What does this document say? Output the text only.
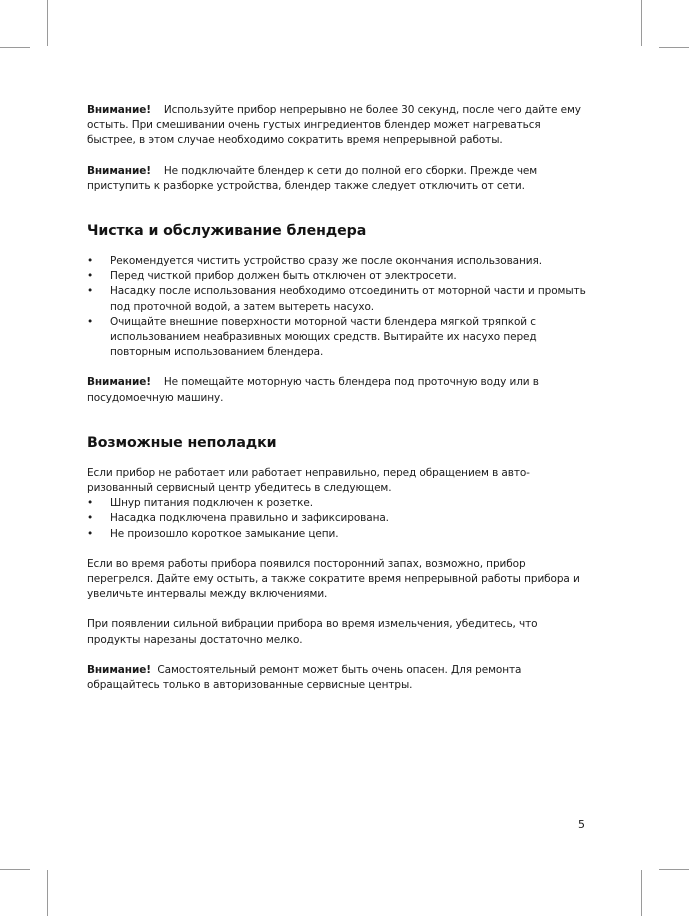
Внимание! Используйте прибор непрерывно не более 30 секунд, после чего дайте ему остыть. При смешивании очень густых ингредиентов блендер может нагреваться быстрее, в этом случае необходимо сократить время непрерывной работы.

Внимание! Не подключайте блендер к сети до полной его сборки. Прежде чем приступить к разборке устройства, блендер также следует отключить от сети.

Чистка и обслуживание блендера
• Рекомендуется чистить устройство сразу же после окончания использования.
• Перед чисткой прибор должен быть отключен от электросети.
• Насадку после использования необходимо отсоединить от моторной части и промыть под проточной водой, а затем вытереть насухо.
• Очищайте внешние поверхности моторной части блендера мягкой тряпкой с использованием неабразивных моющих средств. Вытирайте их насухо перед повторным использованием блендера.

Внимание! Не помещайте моторную часть блендера под проточную воду или в посудомоечную машину.

Возможные неполадки

Если прибор не работает или работает неправильно, перед обращением в авто-ризованный сервисный центр убедитесь в следующем.

• Шнур питания подключен к розетке.
• Насадка подключена правильно и зафиксирована.
• Не произошло короткое замыкание цепи.

Если во время работы прибора появился посторонний запах, возможно, прибор перегрелся. Дайте ему остыть, а также сократите время непрерывной работы прибора и увеличьте интервалы между включениями.

При появлении сильной вибрации прибора во время измельчения, убедитесь, что продукты нарезаны достаточно мелко.

Внимание! Самостоятельный ремонт может быть очень опасен. Для ремонта обращайтесь только в авторизованные сервисные центры.

5
